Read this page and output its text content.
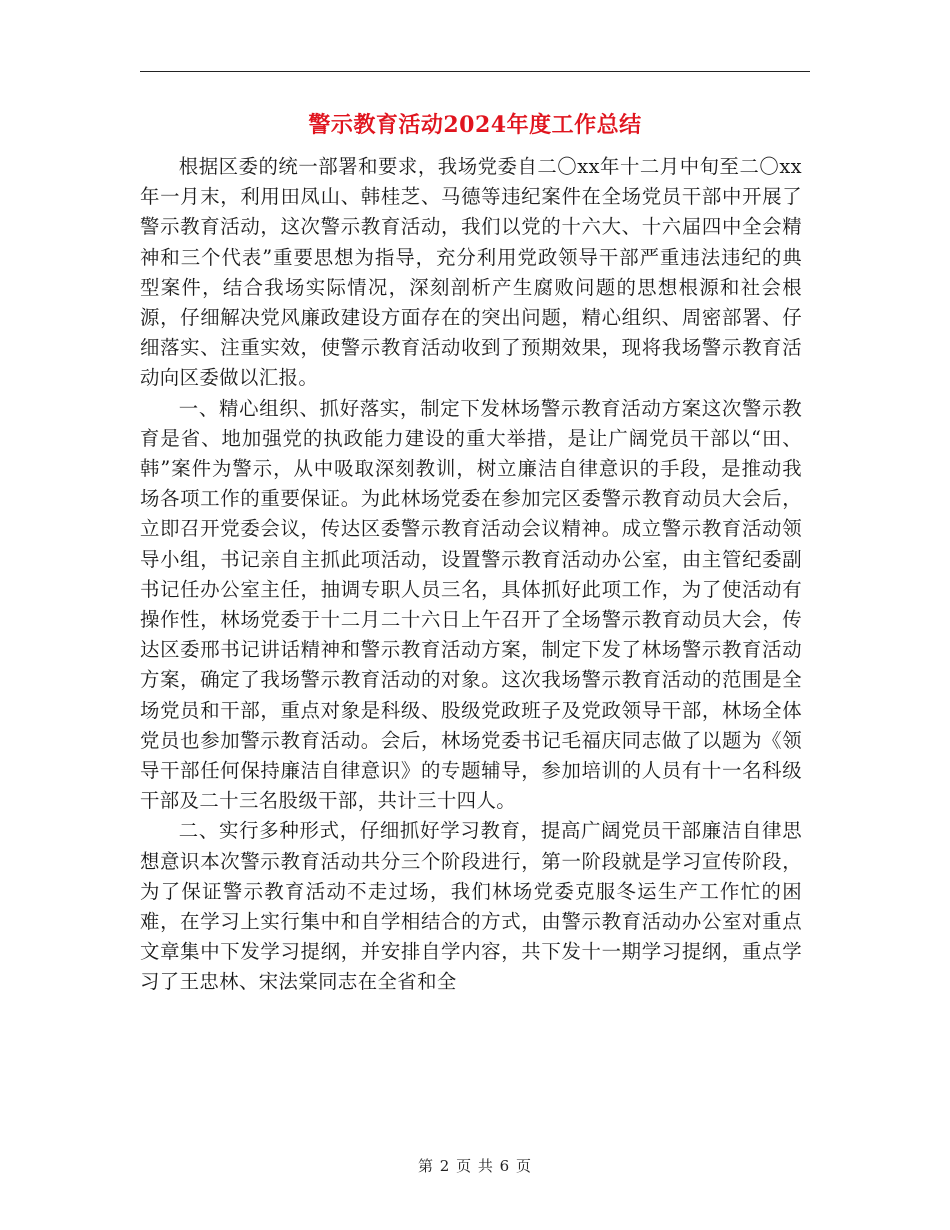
警示教育活动2024年度工作总结

根据区委的统一部署和要求，我场党委自二〇xx年十二月中旬至二〇xx年一月末，利用田凤山、韩桂芝、马德等违纪案件在全场党员干部中开展了警示教育活动，这次警示教育活动，我们以党的十六大、十六届四中全会精神和三个代表”重要思想为指导，充分利用党政领导干部严重违法违纪的典型案件，结合我场实际情况，深刻剖析产生腐败问题的思想根源和社会根源，仔细解决党风廉政建设方面存在的突出问题，精心组织、周密部署、仔细落实、注重实效，使警示教育活动收到了预期效果，现将我场警示教育活动向区委做以汇报。

一、精心组织、抓好落实，制定下发林场警示教育活动方案这次警示教育是省、地加强党的执政能力建设的重大举措，是让广阔党员干部以“田、韩”案件为警示，从中吸取深刻教训，树立廉洁自律意识的手段，是推动我场各项工作的重要保证。为此林场党委在参加完区委警示教育动员大会后，立即召开党委会议，传达区委警示教育活动会议精神。成立警示教育活动领导小组，书记亲自主抓此项活动，设置警示教育活动办公室，由主管纪委副书记任办公室主任，抽调专职人员三名，具体抓好此项工作，为了使活动有操作性，林场党委于十二月二十六日上午召开了全场警示教育动员大会，传达区委邢书记讲话精神和警示教育活动方案，制定下发了林场警示教育活动方案，确定了我场警示教育活动的对象。这次我场警示教育活动的范围是全场党员和干部，重点对象是科级、股级党政班子及党政领导干部，林场全体党员也参加警示教育活动。会后，林场党委书记毛福庆同志做了以题为《领导干部任何保持廉洁自律意识》的专题辅导，参加培训的人员有十一名科级干部及二十三名股级干部，共计三十四人。

二、实行多种形式，仔细抓好学习教育，提高广阔党员干部廉洁自律思想意识本次警示教育活动共分三个阶段进行，第一阶段就是学习宣传阶段，为了保证警示教育活动不走过场，我们林场党委克服冬运生产工作忙的困难，在学习上实行集中和自学相结合的方式，由警示教育活动办公室对重点文章集中下发学习提纲，并安排自学内容，共下发十一期学习提纲，重点学习了王忠林、宋法棠同志在全省和全

第 2 页 共 6 页
